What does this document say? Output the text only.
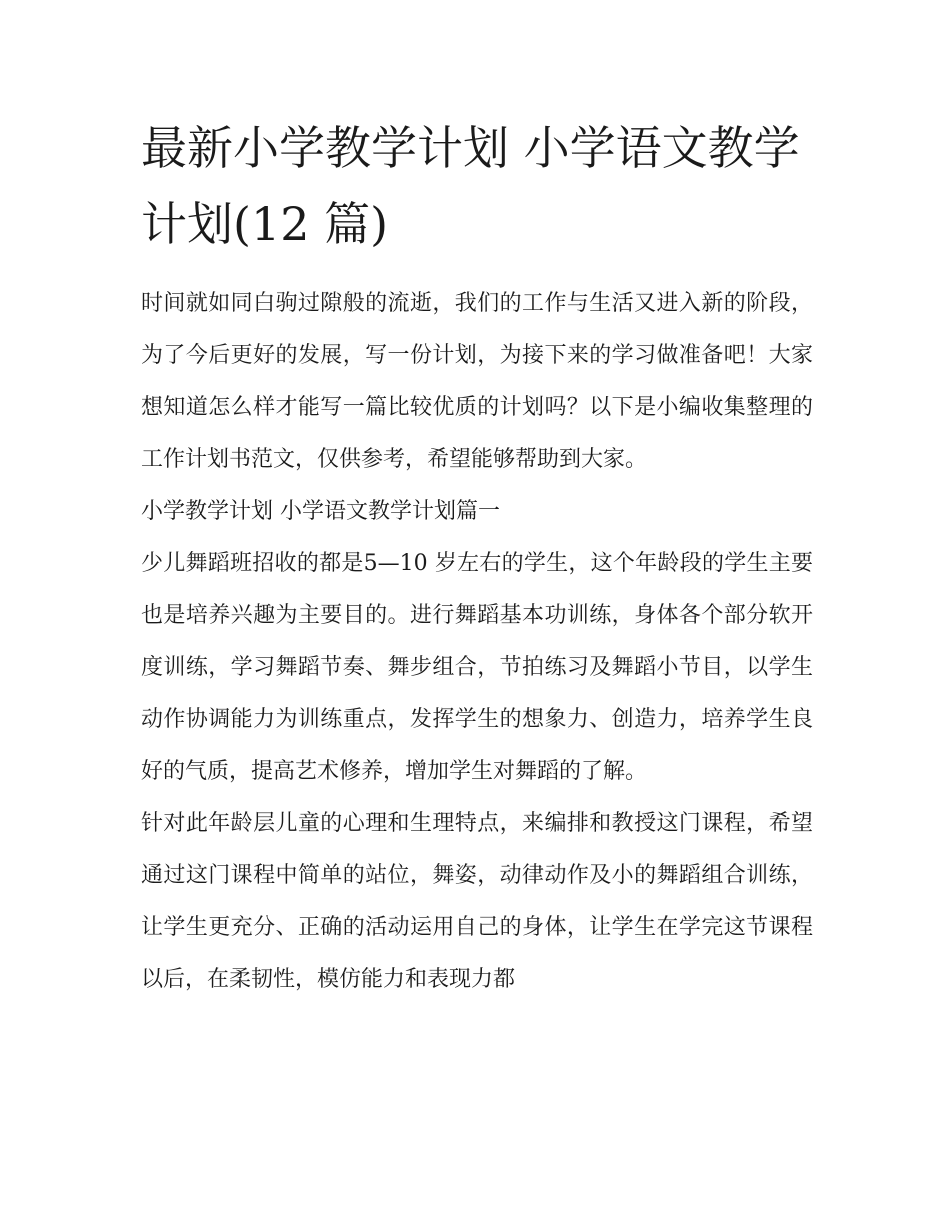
最新小学教学计划 小学语文教学计划(12 篇)

时间就如同白驹过隙般的流逝，我们的工作与生活又进入新的阶段，为了今后更好的发展，写一份计划，为接下来的学习做准备吧！大家想知道怎么样才能写一篇比较优质的计划吗？以下是小编收集整理的工作计划书范文，仅供参考，希望能够帮助到大家。

小学教学计划 小学语文教学计划篇一

少儿舞蹈班招收的都是5—10 岁左右的学生，这个年龄段的学生主要也是培养兴趣为主要目的。进行舞蹈基本功训练，身体各个部分软开度训练，学习舞蹈节奏、舞步组合，节拍练习及舞蹈小节目，以学生动作协调能力为训练重点，发挥学生的想象力、创造力，培养学生良好的气质，提高艺术修养，增加学生对舞蹈的了解。

针对此年龄层儿童的心理和生理特点，来编排和教授这门课程，希望通过这门课程中简单的站位，舞姿，动律动作及小的舞蹈组合训练，让学生更充分、正确的活动运用自己的身体，让学生在学完这节课程以后，在柔韧性，模仿能力和表现力都
